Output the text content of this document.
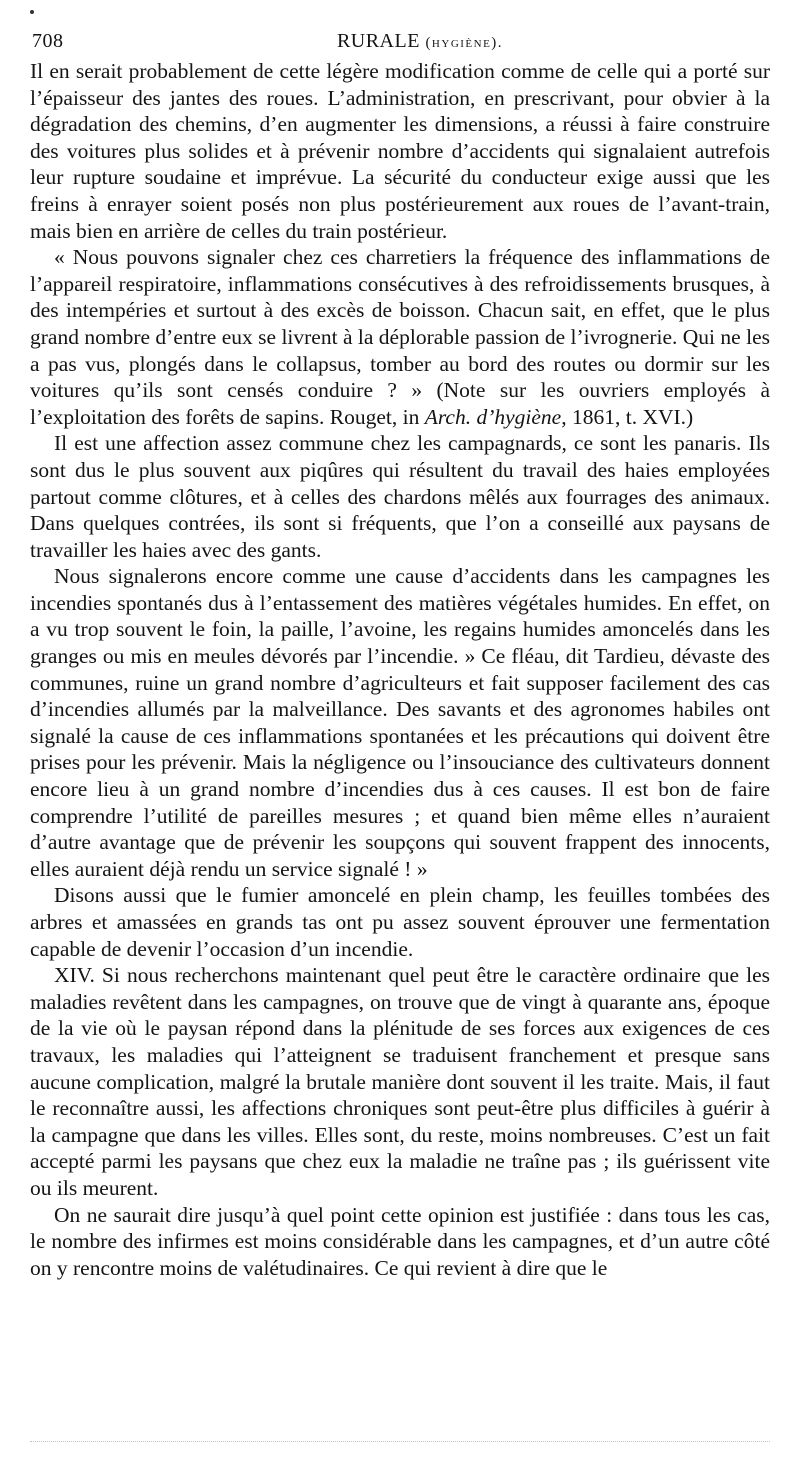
708	RURALE (hygiène).

Il en serait probablement de cette légère modification comme de celle qui a porté sur l’épaisseur des jantes des roues. L’administration, en prescrivant, pour obvier à la dégradation des chemins, d’en augmenter les dimensions, a réussi à faire construire des voitures plus solides et à prévenir nombre d’accidents qui signalaient autrefois leur rupture soudaine et imprévue. La sécurité du conducteur exige aussi que les freins à enrayer soient posés non plus postérieurement aux roues de l’avant-train, mais bien en arrière de celles du train postérieur.

« Nous pouvons signaler chez ces charretiers la fréquence des inflammations de l’appareil respiratoire, inflammations consécutives à des refroidissements brusques, à des intempéries et surtout à des excès de boisson. Chacun sait, en effet, que le plus grand nombre d’entre eux se livrent à la déplorable passion de l’ivrognerie. Qui ne les a pas vus, plongés dans le collapsus, tomber au bord des routes ou dormir sur les voitures qu’ils sont censés conduire ? » (Note sur les ouvriers employés à l’exploitation des forêts de sapins. Rouget, in Arch. d’hygiène, 1861, t. XVI.)

Il est une affection assez commune chez les campagnards, ce sont les panaris. Ils sont dus le plus souvent aux piqûres qui résultent du travail des haies employées partout comme clôtures, et à celles des chardons mêlés aux fourrages des animaux. Dans quelques contrées, ils sont si fréquents, que l’on a conseillé aux paysans de travailler les haies avec des gants.

Nous signalerons encore comme une cause d’accidents dans les campagnes les incendies spontanés dus à l’entassement des matières végétales humides. En effet, on a vu trop souvent le foin, la paille, l’avoine, les regains humides amoncelés dans les granges ou mis en meules dévorés par l’incendie. » Ce fléau, dit Tardieu, dévaste des communes, ruine un grand nombre d’agriculteurs et fait supposer facilement des cas d’incendies allumés par la malveillance. Des savants et des agronomes habiles ont signalé la cause de ces inflammations spontanées et les précautions qui doivent être prises pour les prévenir. Mais la négligence ou l’insouciance des cultivateurs donnent encore lieu à un grand nombre d’incendies dus à ces causes. Il est bon de faire comprendre l’utilité de pareilles mesures ; et quand bien même elles n’auraient d’autre avantage que de prévenir les soupçons qui souvent frappent des innocents, elles auraient déjà rendu un service signalé ! »

Disons aussi que le fumier amoncelé en plein champ, les feuilles tombées des arbres et amassées en grands tas ont pu assez souvent éprouver une fermentation capable de devenir l’occasion d’un incendie.

XIV. Si nous recherchons maintenant quel peut être le caractère ordinaire que les maladies revêtent dans les campagnes, on trouve que de vingt à quarante ans, époque de la vie où le paysan répond dans la plénitude de ses forces aux exigences de ces travaux, les maladies qui l’atteignent se traduisent franchement et presque sans aucune complication, malgré la brutale manière dont souvent il les traite. Mais, il faut le reconnaître aussi, les affections chroniques sont peut-être plus difficiles à guérir à la campagne que dans les villes. Elles sont, du reste, moins nombreuses. C’est un fait accepté parmi les paysans que chez eux la maladie ne traîne pas ; ils guérissent vite ou ils meurent.

On ne saurait dire jusqu’à quel point cette opinion est justifiée : dans tous les cas, le nombre des infirmes est moins considérable dans les campagnes, et d’un autre côté on y rencontre moins de valétudinaires. Ce qui revient à dire que le
